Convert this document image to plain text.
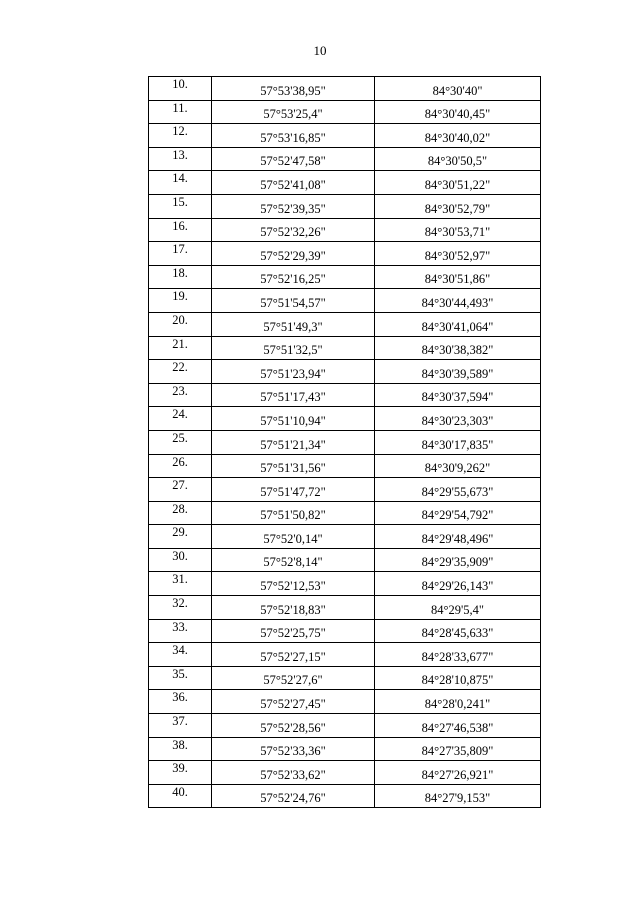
10
10.	57°53'38,95"	84°30'40"
11.	57°53'25,4"	84°30'40,45"
12.	57°53'16,85"	84°30'40,02"
13.	57°52'47,58"	84°30'50,5"
14.	57°52'41,08"	84°30'51,22"
15.	57°52'39,35"	84°30'52,79"
16.	57°52'32,26"	84°30'53,71"
17.	57°52'29,39"	84°30'52,97"
18.	57°52'16,25"	84°30'51,86"
19.	57°51'54,57"	84°30'44,493"
20.	57°51'49,3"	84°30'41,064"
21.	57°51'32,5"	84°30'38,382"
22.	57°51'23,94"	84°30'39,589"
23.	57°51'17,43"	84°30'37,594"
24.	57°51'10,94"	84°30'23,303"
25.	57°51'21,34"	84°30'17,835"
26.	57°51'31,56"	84°30'9,262"
27.	57°51'47,72"	84°29'55,673"
28.	57°51'50,82"	84°29'54,792"
29.	57°52'0,14"	84°29'48,496"
30.	57°52'8,14"	84°29'35,909"
31.	57°52'12,53"	84°29'26,143"
32.	57°52'18,83"	84°29'5,4"
33.	57°52'25,75"	84°28'45,633"
34.	57°52'27,15"	84°28'33,677"
35.	57°52'27,6"	84°28'10,875"
36.	57°52'27,45"	84°28'0,241"
37.	57°52'28,56"	84°27'46,538"
38.	57°52'33,36"	84°27'35,809"
39.	57°52'33,62"	84°27'26,921"
40.	57°52'24,76"	84°27'9,153"
